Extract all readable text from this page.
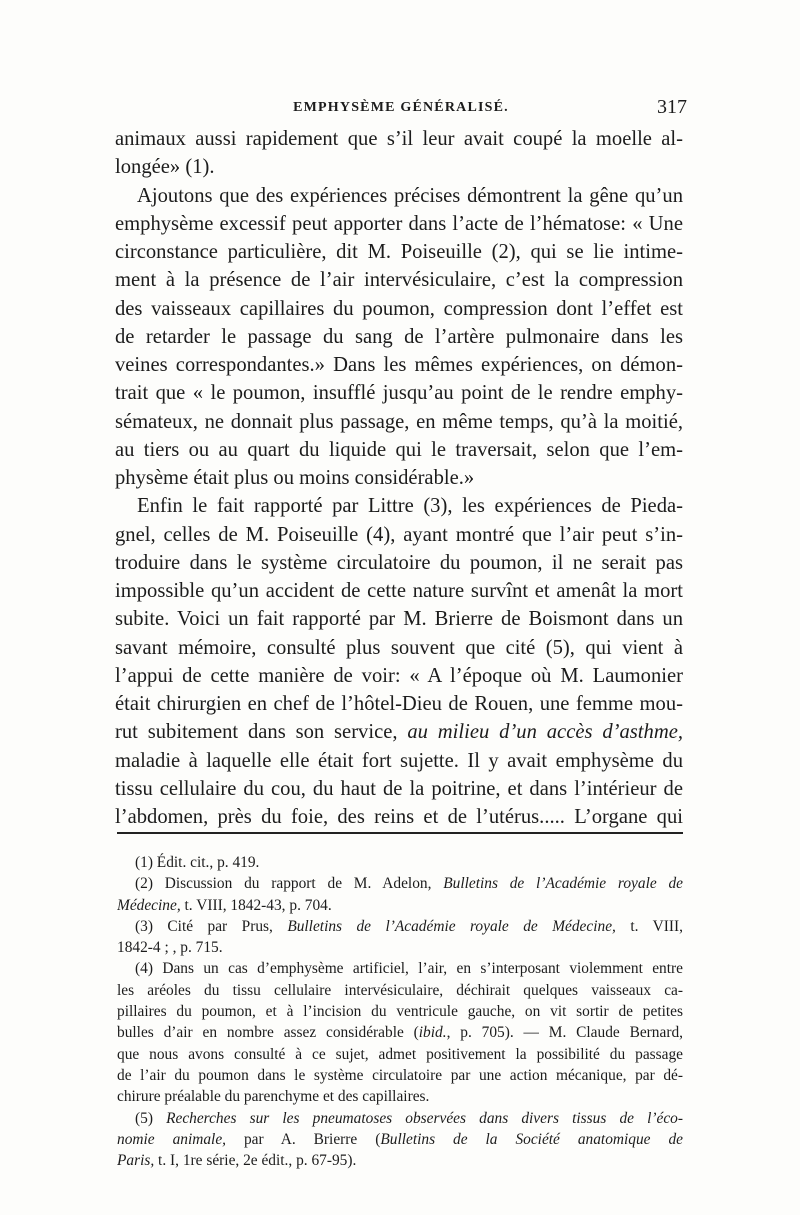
EMPHYSÈME GÉNÉRALISÉ.	317
animaux aussi rapidement que s’il leur avait coupé la moelle al-
longée» (1).
Ajoutons que des expériences précises démontrent la gêne qu’un
emphysème excessif peut apporter dans l’acte de l’hématose: « Une
circonstance particulière, dit M. Poiseuille (2), qui se lie intime-
ment à la présence de l’air intervésiculaire, c’est la compression
des vaisseaux capillaires du poumon, compression dont l’effet est
de retarder le passage du sang de l’artère pulmonaire dans les
veines correspondantes.» Dans les mêmes expériences, on démon-
trait que « le poumon, insufflé jusqu’au point de le rendre emphy-
sémateux, ne donnait plus passage, en même temps, qu’à la moitié,
au tiers ou au quart du liquide qui le traversait, selon que l’em-
physème était plus ou moins considérable.»
Enfin le fait rapporté par Littre (3), les expériences de Pieda-
gnel, celles de M. Poiseuille (4), ayant montré que l’air peut s’in-
troduire dans le système circulatoire du poumon, il ne serait pas
impossible qu’un accident de cette nature survînt et amenât la mort
subite. Voici un fait rapporté par M. Brierre de Boismont dans un
savant mémoire, consulté plus souvent que cité (5), qui vient à
l’appui de cette manière de voir: « A l’époque où M. Laumonier
était chirurgien en chef de l’hôtel-Dieu de Rouen, une femme mou-
rut subitement dans son service, au milieu d’un accès d’asthme,
maladie à laquelle elle était fort sujette. Il y avait emphysème du
tissu cellulaire du cou, du haut de la poitrine, et dans l’intérieur de
l’abdomen, près du foie, des reins et de l’utérus..... L’organe qui
(1) Édit. cit., p. 419.
(2) Discussion du rapport de M. Adelon, Bulletins de l’Académie royale de
Médecine, t. VIII, 1842-43, p. 704.
(3) Cité par Prus, Bulletins de l’Académie royale de Médecine, t. VIII,
1842-4 ; , p. 715.
(4) Dans un cas d’emphysème artificiel, l’air, en s’interposant violemment entre
les aréoles du tissu cellulaire intervésiculaire, déchirait quelques vaisseaux ca-
pillaires du poumon, et à l’incision du ventricule gauche, on vit sortir de petites
bulles d’air en nombre assez considérable (ibid., p. 705). — M. Claude Bernard,
que nous avons consulté à ce sujet, admet positivement la possibilité du passage
de l’air du poumon dans le système circulatoire par une action mécanique, par dé-
chirure préalable du parenchyme et des capillaires.
(5) Recherches sur les pneumatoses observées dans divers tissus de l’éco-
nomie animale, par A. Brierre (Bulletins de la Société anatomique de
Paris, t. I, 1re série, 2e édit., p. 67-95).
